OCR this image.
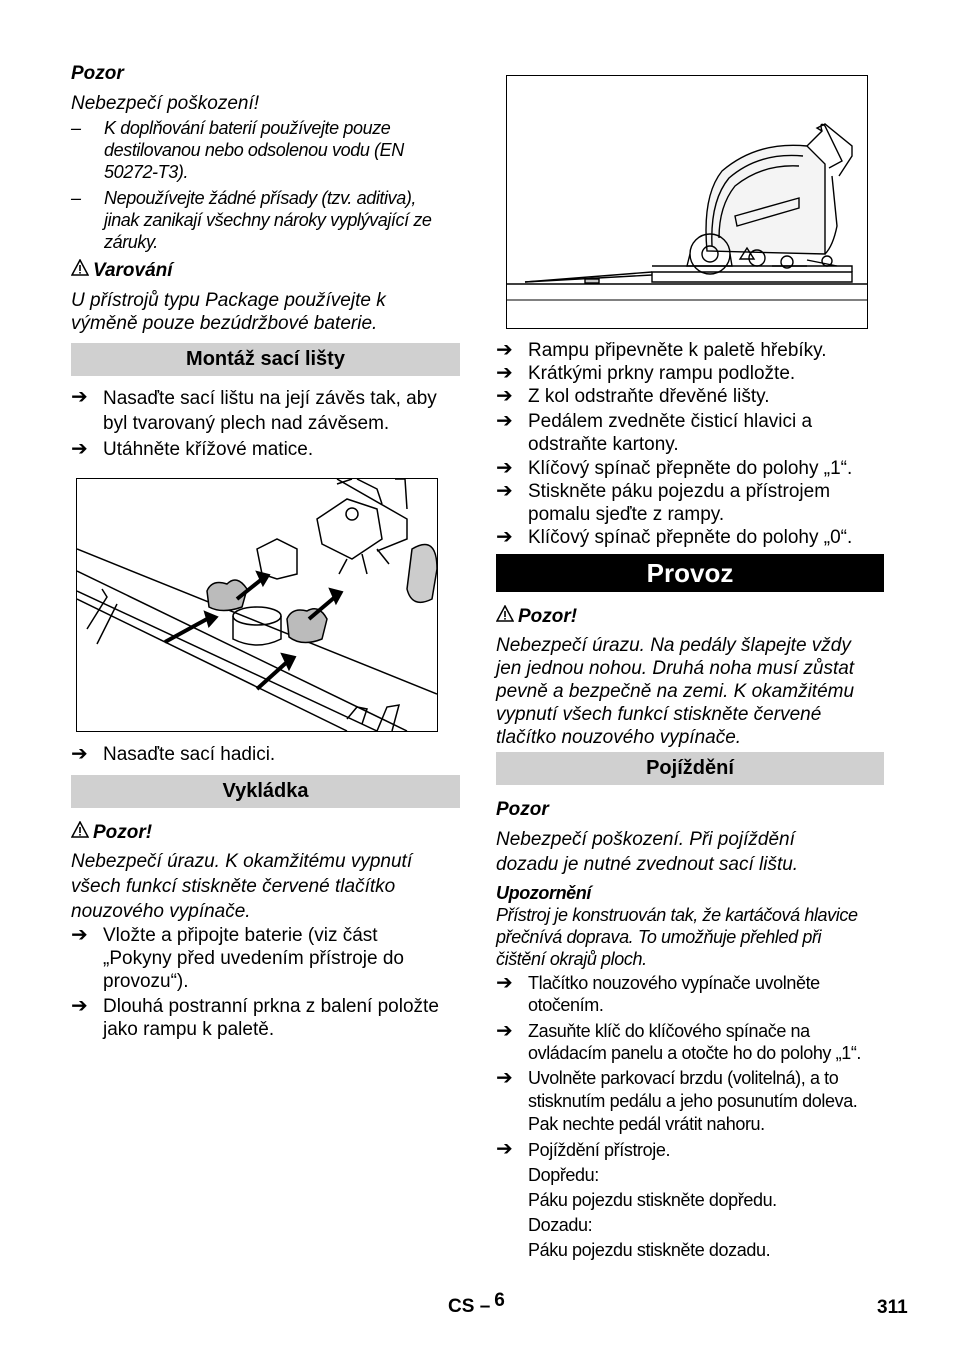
Pozor
Nebezpečí poškození!
– K doplňování baterií používejte pouze
destilovanou nebo odsolenou vodu (EN
50272-T3).
– Nepoužívejte žádné přísady (tzv. aditiva),
jinak zanikají všechny nároky vyplývající ze
záruky.
Varování
U přístrojů typu Package používejte k
výměně pouze bezúdržbové baterie.
Montáž sací lišty
➔ Nasaďte sací lištu na její závěs tak, aby
byl tvarovaný plech nad závěsem.
➔ Utáhněte křížové matice.
➔ Nasaďte sací hadici.
Vykládka
Pozor!
Nebezpečí úrazu. K okamžitému vypnutí
všech funkcí stiskněte červené tlačítko
nouzového vypínače.
➔ Vložte a připojte baterie (viz část
„Pokyny před uvedením přístroje do
provozu“).
➔ Dlouhá postranní prkna z balení položte
jako rampu k paletě.
➔ Rampu připevněte k paletě hřebíky.
➔ Krátkými prkny rampu podložte.
➔ Z kol odstraňte dřevěné lišty.
➔ Pedálem zvedněte čisticí hlavici a
odstraňte kartony.
➔ Klíčový spínač přepněte do polohy „1“.
➔ Stiskněte páku pojezdu a přístrojem
pomalu sjeďte z rampy.
➔ Klíčový spínač přepněte do polohy „0“.
Provoz
Pozor!
Nebezpečí úrazu. Na pedály šlapejte vždy
jen jednou nohou. Druhá noha musí zůstat
pevně a bezpečně na zemi. K okamžitému
vypnutí všech funkcí stiskněte červené
tlačítko nouzového vypínače.
Pojíždění
Pozor
Nebezpečí poškození. Při pojíždění
dozadu je nutné zvednout sací lištu.
Upozornění
Přístroj je konstruován tak, že kartáčová hlavice
přečnívá doprava. To umožňuje přehled při
čištění okrajů ploch.
➔ Tlačítko nouzového vypínače uvolněte
otočením.
➔ Zasuňte klíč do klíčového spínače na
ovládacím panelu a otočte ho do polohy „1“.
➔ Uvolněte parkovací brzdu (volitelná), a to
stisknutím pedálu a jeho posunutím doleva.
Pak nechte pedál vrátit nahoru.
➔ Pojíždění přístroje.
Dopředu:
Páku pojezdu stiskněte dopředu.
Dozadu:
Páku pojezdu stiskněte dozadu.
CS – 6	311
